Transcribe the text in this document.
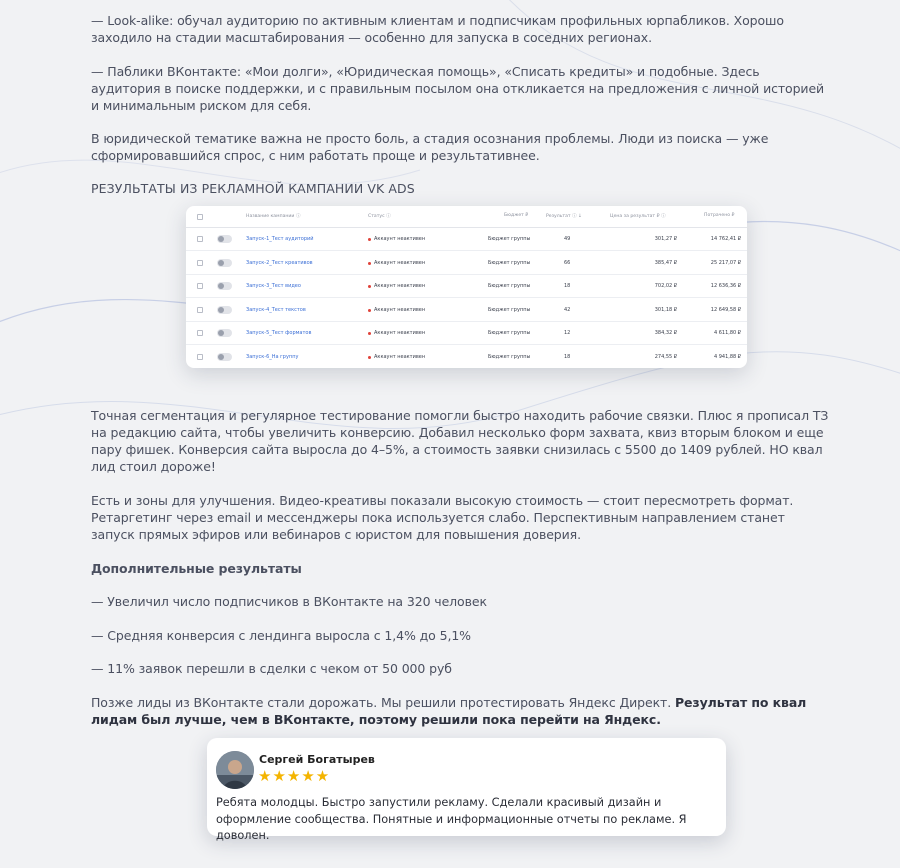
— Look-alike: обучал аудиторию по активным клиентам и подписчикам профильных юрпабликов. Хорошо заходило на стадии масштабирования — особенно для запуска в соседних регионах.

— Паблики ВКонтакте: «Мои долги», «Юридическая помощь», «Списать кредиты» и подобные. Здесь аудитория в поиске поддержки, и с правильным посылом она откликается на предложения с личной историей и минимальным риском для себя.

В юридической тематике важна не просто боль, а стадия осознания проблемы. Люди из поиска — уже сформировавшийся спрос, с ним работать проще и результативнее.

РЕЗУЛЬТАТЫ ИЗ РЕКЛАМНОЙ КАМПАНИИ VK ADS

Точная сегментация и регулярное тестирование помогли быстро находить рабочие связки. Плюс я прописал ТЗ на редакцию сайта, чтобы увеличить конверсию. Добавил несколько форм захвата, квиз вторым блоком и еще пару фишек. Конверсия сайта выросла до 4–5%, а стоимость заявки снизилась с 5500 до 1409 рублей. НО квал лид стоил дороже!

Есть и зоны для улучшения. Видео-креативы показали высокую стоимость — стоит пересмотреть формат. Ретаргетинг через email и мессенджеры пока используется слабо. Перспективным направлением станет запуск прямых эфиров или вебинаров с юристом для повышения доверия.

Дополнительные результаты

— Увеличил число подписчиков в ВКонтакте на 320 человек

— Средняя конверсия с лендинга выросла с 1,4% до 5,1%

— 11% заявок перешли в сделки с чеком от 50 000 руб

Позже лиды из ВКонтакте стали дорожать. Мы решили протестировать Яндекс Директ. Результат по квал лидам был лучше, чем в ВКонтакте, поэтому решили пока перейти на Яндекс.

Название кампании ⓘ	Статус ⓘ	Бюджет ₽	Результат ⓘ ↓	Цена за результат ₽ ⓘ	Потрачено ₽
Запуск-1_Тест аудиторий	Аккаунт неактивен	Бюджет группы	49	301,27 ₽	14 762,41 ₽
Запуск-2_Тест креативов	Аккаунт неактивен	Бюджет группы	66	385,47 ₽	25 217,07 ₽
Запуск-3_Тест видео	Аккаунт неактивен	Бюджет группы	18	702,02 ₽	12 636,36 ₽
Запуск-4_Тест текстов	Аккаунт неактивен	Бюджет группы	42	301,18 ₽	12 649,58 ₽
Запуск-5_Тест форматов	Аккаунт неактивен	Бюджет группы	12	384,32 ₽	4 611,80 ₽
Запуск-6_На группу	Аккаунт неактивен	Бюджет группы	18	274,55 ₽	4 941,88 ₽
Сергей Богатырев
★★★★★
Ребята молодцы. Быстро запустили рекламу. Сделали красивый дизайн и оформление сообщества. Понятные и информационные отчеты по рекламе. Я доволен.
